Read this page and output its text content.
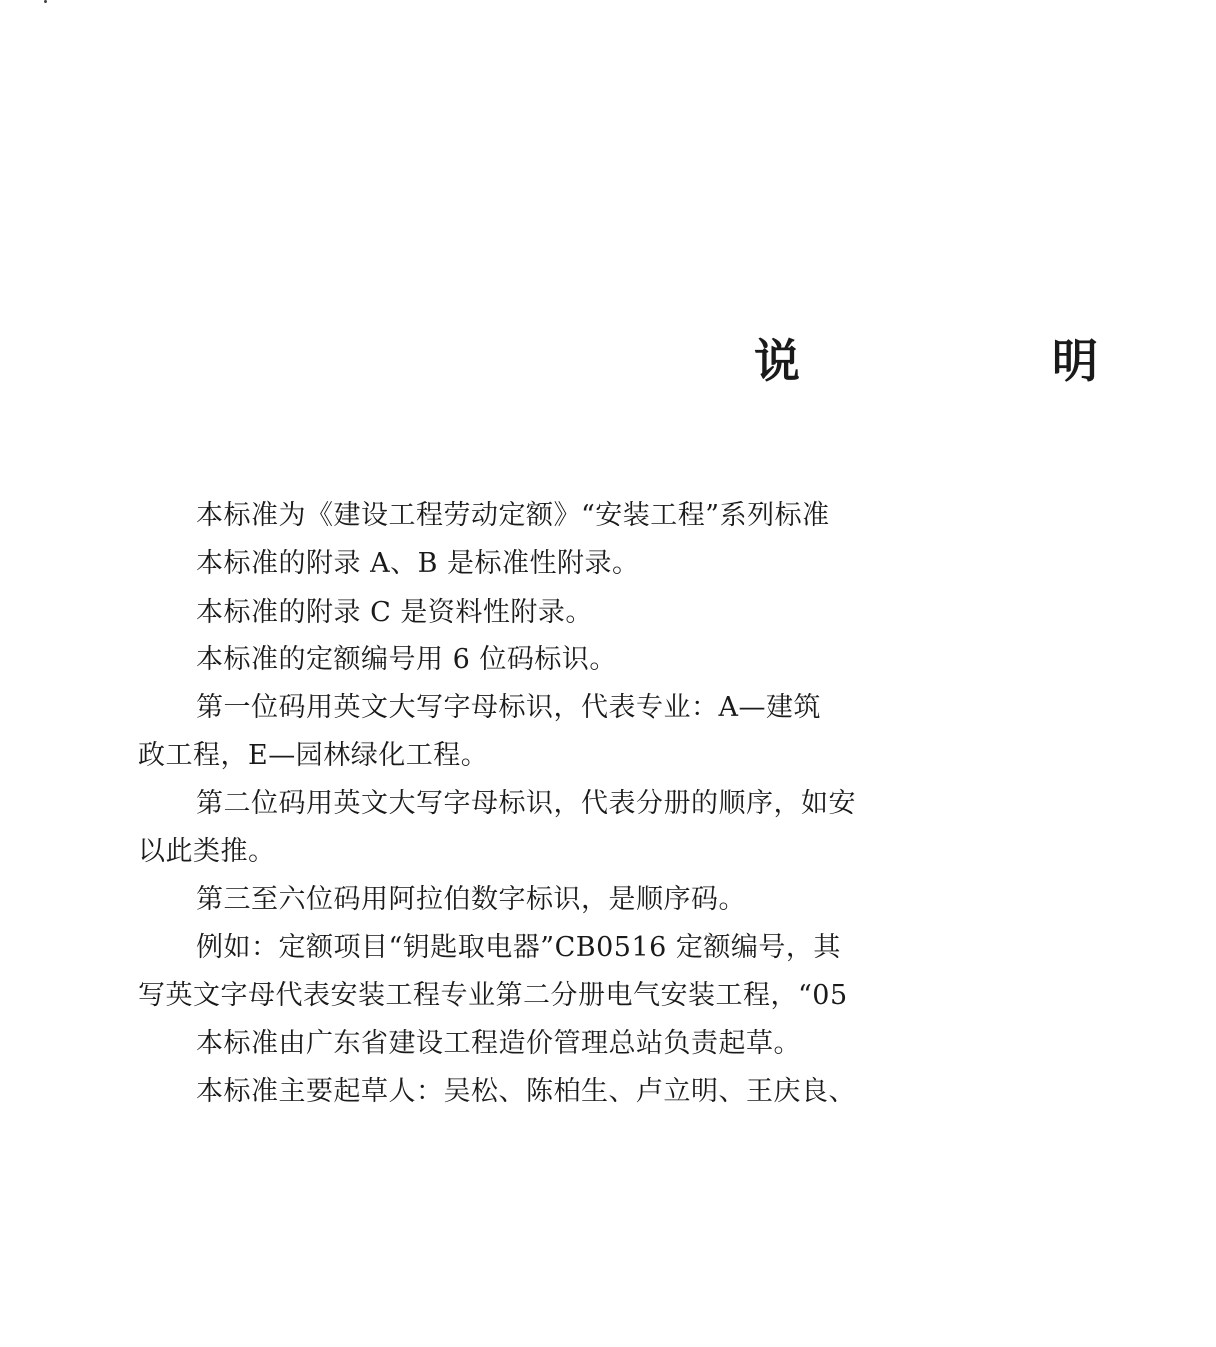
说 明
本标准为《建设工程劳动定额》“安装工程”系列标准
本标准的附录 A、B 是标准性附录。
本标准的附录 C 是资料性附录。
本标准的定额编号用 6 位码标识。
第一位码用英文大写字母标识，代表专业：A—建筑
政工程，E—园林绿化工程。
第二位码用英文大写字母标识，代表分册的顺序，如安
以此类推。
第三至六位码用阿拉伯数字标识，是顺序码。
例如：定额项目“钥匙取电器”CB0516 定额编号，其
写英文字母代表安装工程专业第二分册电气安装工程，“05
本标准由广东省建设工程造价管理总站负责起草。
本标准主要起草人：吴松、陈柏生、卢立明、王庆良、
